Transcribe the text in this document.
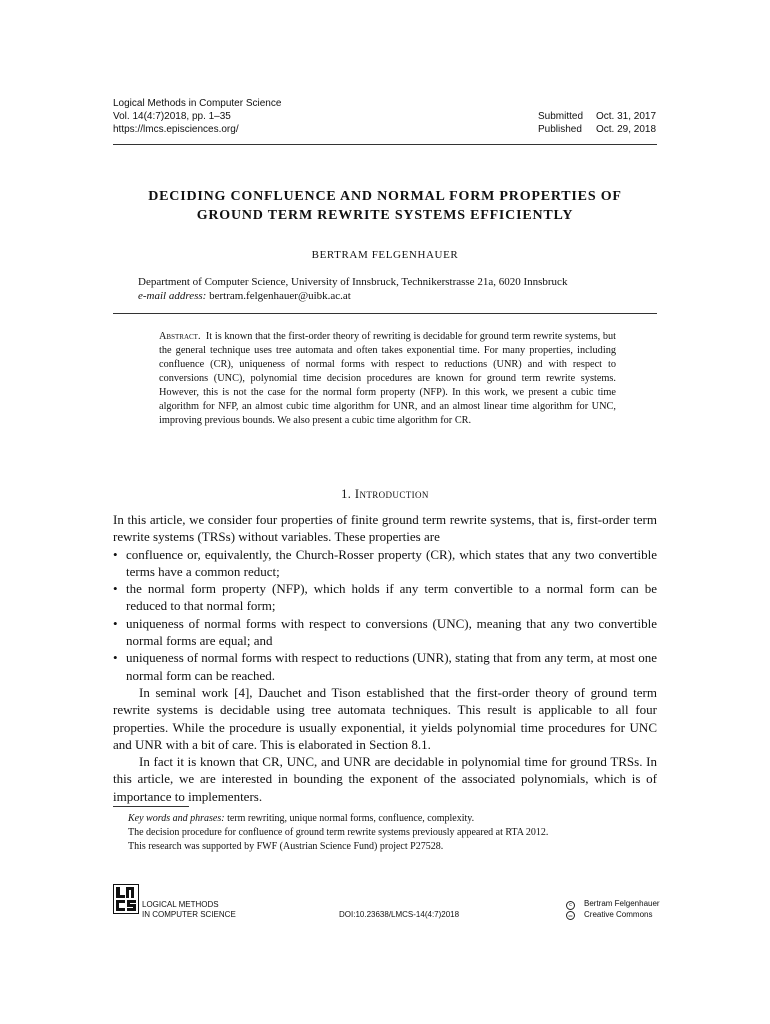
Logical Methods in Computer Science
Vol. 14(4:7)2018, pp. 1–35
https://lmcs.episciences.org/
Submitted Oct. 31, 2017
Published Oct. 29, 2018
DECIDING CONFLUENCE AND NORMAL FORM PROPERTIES OF
GROUND TERM REWRITE SYSTEMS EFFICIENTLY
BERTRAM FELGENHAUER
Department of Computer Science, University of Innsbruck, Technikerstrasse 21a, 6020 Innsbruck
e-mail address: bertram.felgenhauer@uibk.ac.at
Abstract. It is known that the first-order theory of rewriting is decidable for ground term rewrite systems, but the general technique uses tree automata and often takes exponential time. For many properties, including confluence (CR), uniqueness of normal forms with respect to reductions (UNR) and with respect to conversions (UNC), polynomial time decision procedures are known for ground term rewrite systems. However, this is not the case for the normal form property (NFP). In this work, we present a cubic time algorithm for NFP, an almost cubic time algorithm for UNR, and an almost linear time algorithm for UNC, improving previous bounds. We also present a cubic time algorithm for CR.
1. Introduction

In this article, we consider four properties of finite ground term rewrite systems, that is, first-order term rewrite systems (TRSs) without variables. These properties are

• confluence or, equivalently, the Church-Rosser property (CR), which states that any two convertible terms have a common reduct;
• the normal form property (NFP), which holds if any term convertible to a normal form can be reduced to that normal form;
• uniqueness of normal forms with respect to conversions (UNC), meaning that any two convertible normal forms are equal; and
• uniqueness of normal forms with respect to reductions (UNR), stating that from any term, at most one normal form can be reached.

In seminal work [4], Dauchet and Tison established that the first-order theory of ground term rewrite systems is decidable using tree automata techniques. This result is applicable to all four properties. While the procedure is usually exponential, it yields polynomial time procedures for UNC and UNR with a bit of care. This is elaborated in Section 8.1.

In fact it is known that CR, UNC, and UNR are decidable in polynomial time for ground TRSs. In this article, we are interested in bounding the exponent of the associated polynomials, which is of importance to implementers.

Key words and phrases: term rewriting, unique normal forms, confluence, complexity.

The decision procedure for confluence of ground term rewrite systems previously appeared at RTA 2012.

This research was supported by FWF (Austrian Science Fund) project P27528.

LOGICAL METHODS
IN COMPUTER SCIENCE	DOI:10.23638/LMCS-14(4:7)2018
c Bertram Felgenhauer
cc Creative Commons
